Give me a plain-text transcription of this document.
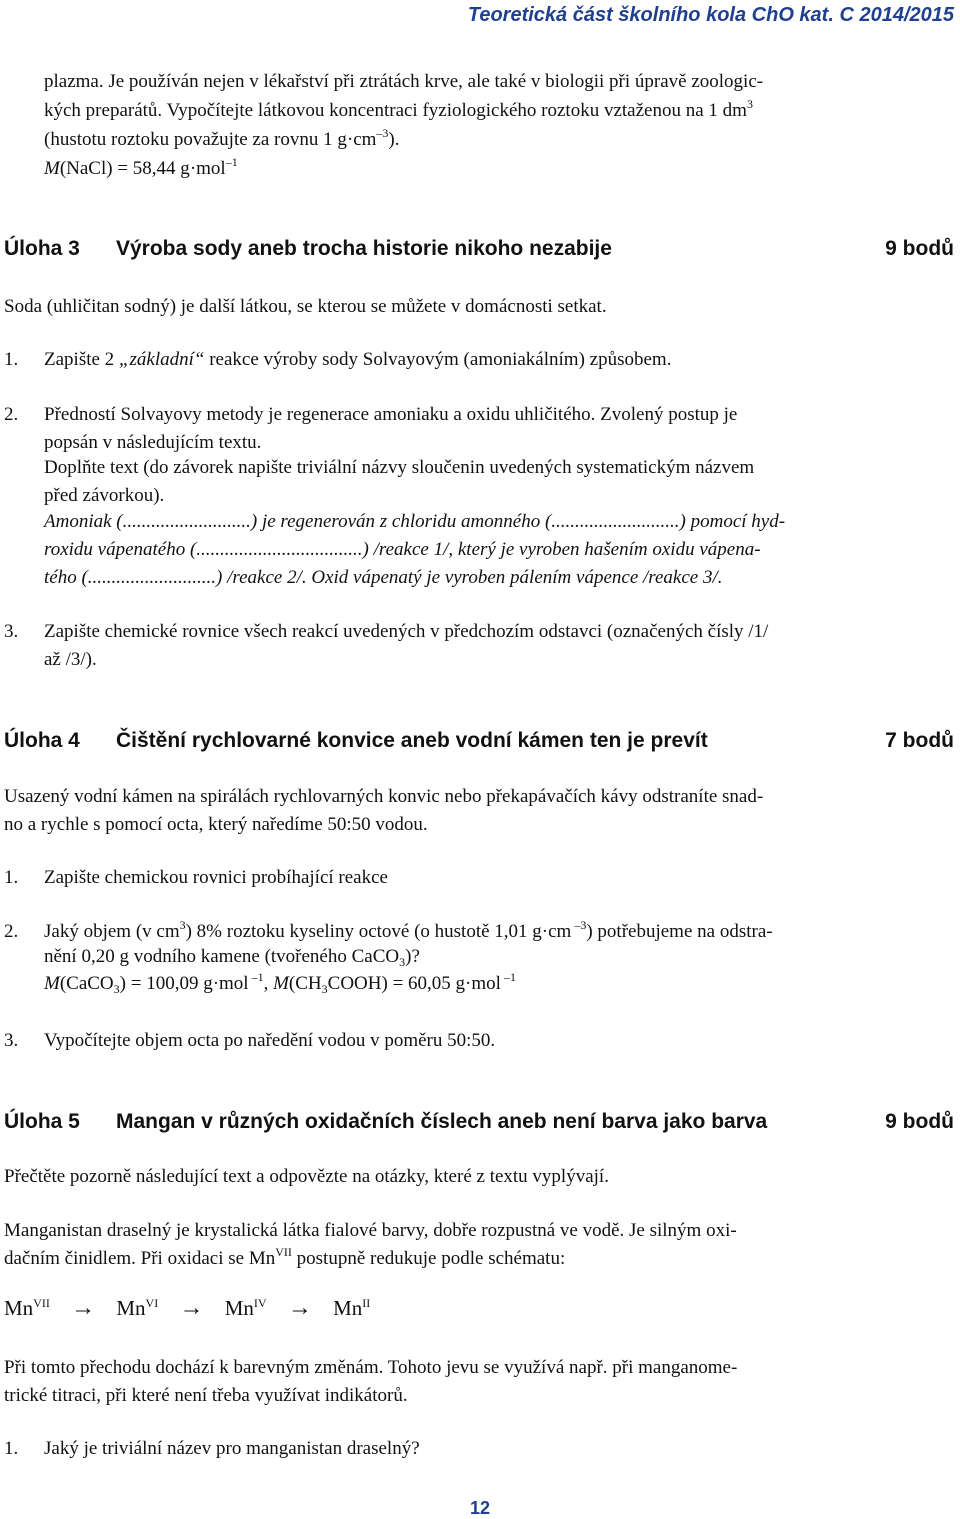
Teoretická část školního kola ChO kat. C 2014/2015
plazma. Je používán nejen v lékařství při ztrátách krve, ale také v biologii při úpravě zoologic-
kých preparátů. Vypočítejte látkovou koncentraci fyziologického roztoku vztaženou na 1 $dm^3$
(hustotu roztoku považujte za rovnu 1 $g\cdot cm^{-3}$).
M(NaCl) = 58,44 g·mol$^{-1}$
Úloha 3 Výroba sody aneb trocha historie nikoho nezabije	9 bodů
Soda (uhličitan sodný) je další látkou, se kterou se můžete v domácnosti setkat.
1. Zapište 2 „základní“ reakce výroby sody Solvayovým (amoniakálním) způsobem.
2. Předností Solvayovy metody je regenerace amoniaku a oxidu uhličitého. Zvolený postup je
popsán v následujícím textu.
Doplňte text (do závorek napište triviální názvy sloučenin uvedených systematickým názvem
před závorkou).
Amoniak (...........................) je regenerován z chloridu amonného (...........................) pomocí hyd-
roxidu vápenatého (...................................) /reakce 1/, který je vyroben hašením oxidu vápena-
tého (...........................) /reakce 2/. Oxid vápenatý je vyroben pálením vápence /reakce 3/.
3. Zapište chemické rovnice všech reakcí uvedených v předchozím odstavci (označených čísly /1/
až /3/).
Úloha 4 Čištění rychlovarné konvice aneb vodní kámen ten je prevít	7 bodů
Usazený vodní kámen na spirálách rychlovarných konvic nebo překapávačích kávy odstraníte snad-
no a rychle s pomocí octa, který naředíme 50:50 vodou.
1. Zapište chemickou rovnici probíhající reakce
2. Jaký objem (v $cm^3$) 8% roztoku kyseliny octové (o hustotě 1,01 g·cm $^{-3}$) potřebujeme na odstra-
nění 0,20 g vodního kamene (tvořeného CaCO$_3$)?
M(CaCO$_3$) = 100,09 g·mol $^{-1}$, $M(CH_3COOH) = 60,05$ g·mol $^{-1}$
3. Vypočítejte objem octa po naředění vodou v poměru 50:50.
Úloha 5 Mangan v různých oxidačních číslech aneb není barva jako barva	9 bodů
Přečtěte pozorně následující text a odpovězte na otázky, které z textu vyplývají.
Manganistan draselný je krystalická látka fialové barvy, dobře rozpustná ve vodě. Je silným oxi-
dačním činidlem. Při oxidaci se $Mn^{VII}$ postupně redukuje podle schématu:
$Mn^{VII} \to Mn^{VI} \to Mn^{IV} \to Mn^{II}$
Při tomto přechodu dochází k barevným změnám. Tohoto jevu se využívá např. při manganome-
trické titraci, při které není třeba využívat indikátorů.
1. Jaký je triviální název pro manganistan draselný?
12
